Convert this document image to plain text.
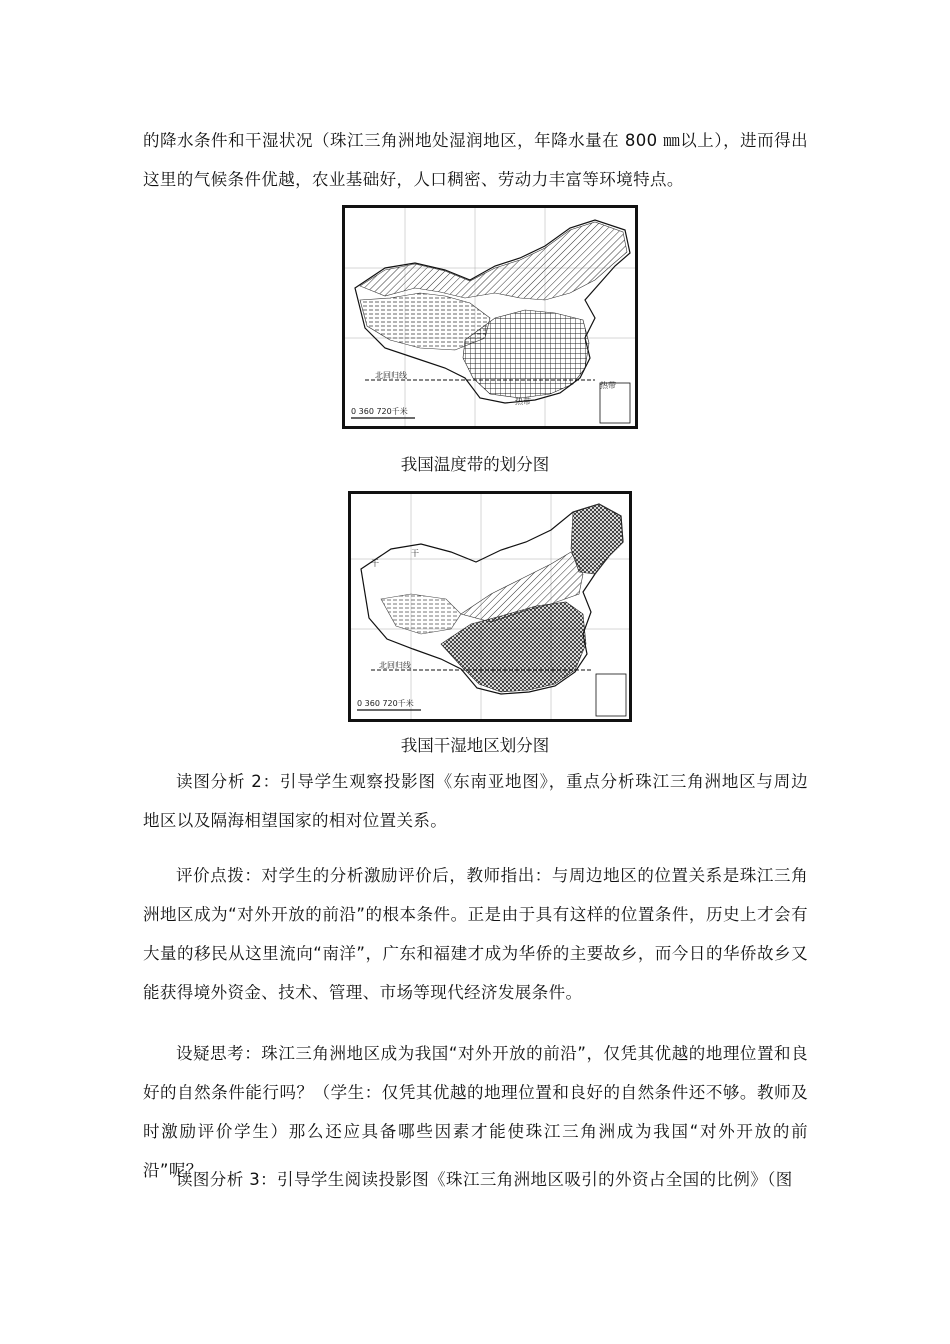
的降水条件和干湿状况（珠江三角洲地处湿润地区，年降水量在 800 ㎜以上），进而得出这里的气候条件优越，农业基础好，人口稠密、劳动力丰富等环境特点。

北回归线
热带
热带
0 360 720千米

我国温度带的划分图

北回归线
干
干
0 360 720千米

我国干湿地区划分图

读图分析 2：引导学生观察投影图《东南亚地图》，重点分析珠江三角洲地区与周边地区以及隔海相望国家的相对位置关系。

评价点拨：对学生的分析激励评价后，教师指出：与周边地区的位置关系是珠江三角洲地区成为“对外开放的前沿”的根本条件。正是由于具有这样的位置条件，历史上才会有大量的移民从这里流向“南洋”，广东和福建才成为华侨的主要故乡，而今日的华侨故乡又能获得境外资金、技术、管理、市场等现代经济发展条件。

设疑思考：珠江三角洲地区成为我国“对外开放的前沿”，仅凭其优越的地理位置和良好的自然条件能行吗？（学生：仅凭其优越的地理位置和良好的自然条件还不够。教师及时激励评价学生）那么还应具备哪些因素才能使珠江三角洲成为我国“对外开放的前沿”呢？

读图分析 3：引导学生阅读投影图《珠江三角洲地区吸引的外资占全国的比例》（图
